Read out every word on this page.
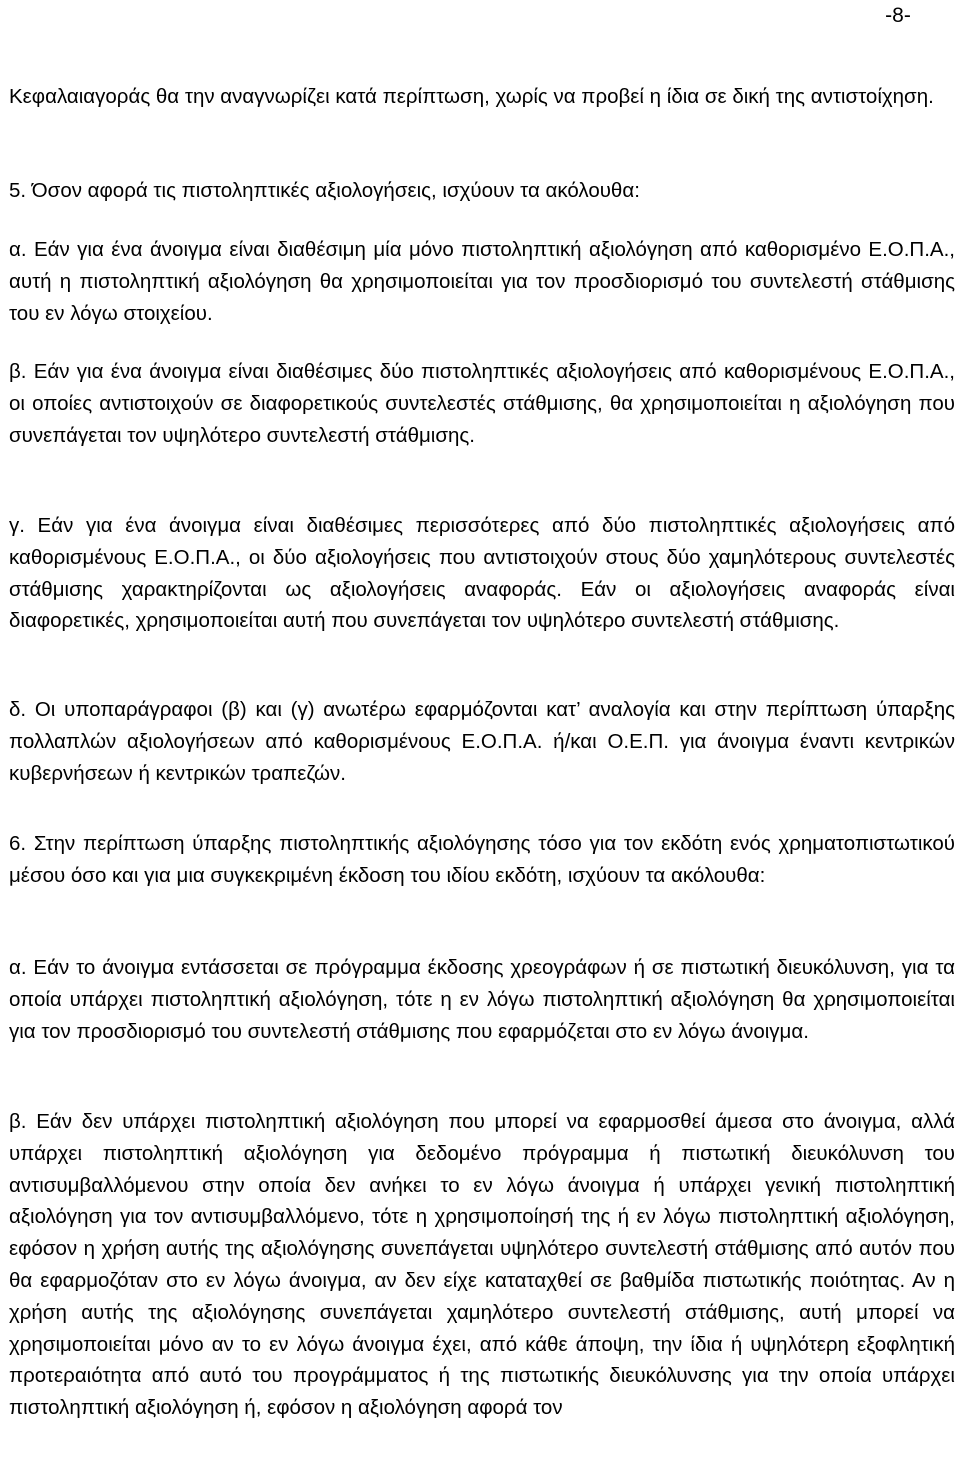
-8-
Κεφαλαιαγοράς θα την αναγνωρίζει κατά περίπτωση, χωρίς να προβεί η ίδια σε δική της αντιστοίχηση.
5. Όσον αφορά τις πιστοληπτικές αξιολογήσεις, ισχύουν τα ακόλουθα:
α. Εάν για ένα άνοιγμα είναι διαθέσιμη μία μόνο πιστοληπτική αξιολόγηση από καθορισμένο Ε.Ο.Π.Α., αυτή η πιστοληπτική αξιολόγηση θα χρησιμοποιείται για τον προσδιορισμό του συντελεστή στάθμισης του εν λόγω στοιχείου.
β. Εάν για ένα άνοιγμα είναι διαθέσιμες δύο πιστοληπτικές αξιολογήσεις από καθορισμένους Ε.Ο.Π.Α., οι οποίες αντιστοιχούν σε διαφορετικούς συντελεστές στάθμισης, θα χρησιμοποιείται η αξιολόγηση που συνεπάγεται τον υψηλότερο συντελεστή στάθμισης.
γ. Εάν για ένα άνοιγμα είναι διαθέσιμες περισσότερες από δύο πιστοληπτικές αξιολογήσεις από καθορισμένους Ε.Ο.Π.Α., οι δύο αξιολογήσεις που αντιστοιχούν στους δύο χαμηλότερους συντελεστές στάθμισης χαρακτηρίζονται ως αξιολογήσεις αναφοράς. Εάν οι αξιολογήσεις αναφοράς είναι διαφορετικές, χρησιμοποιείται αυτή που συνεπάγεται τον υψηλότερο συντελεστή στάθμισης.
δ. Οι υποπαράγραφοι (β) και (γ) ανωτέρω εφαρμόζονται κατ’ αναλογία και στην περίπτωση ύπαρξης πολλαπλών αξιολογήσεων από καθορισμένους Ε.Ο.Π.Α. ή/και Ο.Ε.Π. για άνοιγμα έναντι κεντρικών κυβερνήσεων ή κεντρικών τραπεζών.
6. Στην περίπτωση ύπαρξης πιστοληπτικής αξιολόγησης τόσο για τον εκδότη ενός χρηματοπιστωτικού μέσου όσο και για μια συγκεκριμένη έκδοση του ιδίου εκδότη, ισχύουν τα ακόλουθα:
α. Εάν το άνοιγμα εντάσσεται σε πρόγραμμα έκδοσης χρεογράφων ή σε πιστωτική διευκόλυνση, για τα οποία υπάρχει πιστοληπτική αξιολόγηση, τότε η εν λόγω πιστοληπτική αξιολόγηση θα χρησιμοποιείται για τον προσδιορισμό του συντελεστή στάθμισης που εφαρμόζεται στο εν λόγω άνοιγμα.
β. Εάν δεν υπάρχει πιστοληπτική αξιολόγηση που μπορεί να εφαρμοσθεί άμεσα στο άνοιγμα, αλλά υπάρχει πιστοληπτική αξιολόγηση για δεδομένο πρόγραμμα ή πιστωτική διευκόλυνση του αντισυμβαλλόμενου στην οποία δεν ανήκει το εν λόγω άνοιγμα ή υπάρχει γενική πιστοληπτική αξιολόγηση για τον αντισυμβαλλόμενο, τότε η χρησιμοποίησή της ή εν λόγω πιστοληπτική αξιολόγηση, εφόσον η χρήση αυτής της αξιολόγησης συνεπάγεται υψηλότερο συντελεστή στάθμισης από αυτόν που θα εφαρμοζόταν στο εν λόγω άνοιγμα, αν δεν είχε καταταχθεί σε βαθμίδα πιστωτικής ποιότητας. Αν η χρήση αυτής της αξιολόγησης συνεπάγεται χαμηλότερο συντελεστή στάθμισης, αυτή μπορεί να χρησιμοποιείται μόνο αν το εν λόγω άνοιγμα έχει, από κάθε άποψη, την ίδια ή υψηλότερη εξοφλητική προτεραιότητα από αυτό του προγράμματος ή της πιστωτικής διευκόλυνσης για την οποία υπάρχει πιστοληπτική αξιολόγηση ή, εφόσον η αξιολόγηση αφορά τον
